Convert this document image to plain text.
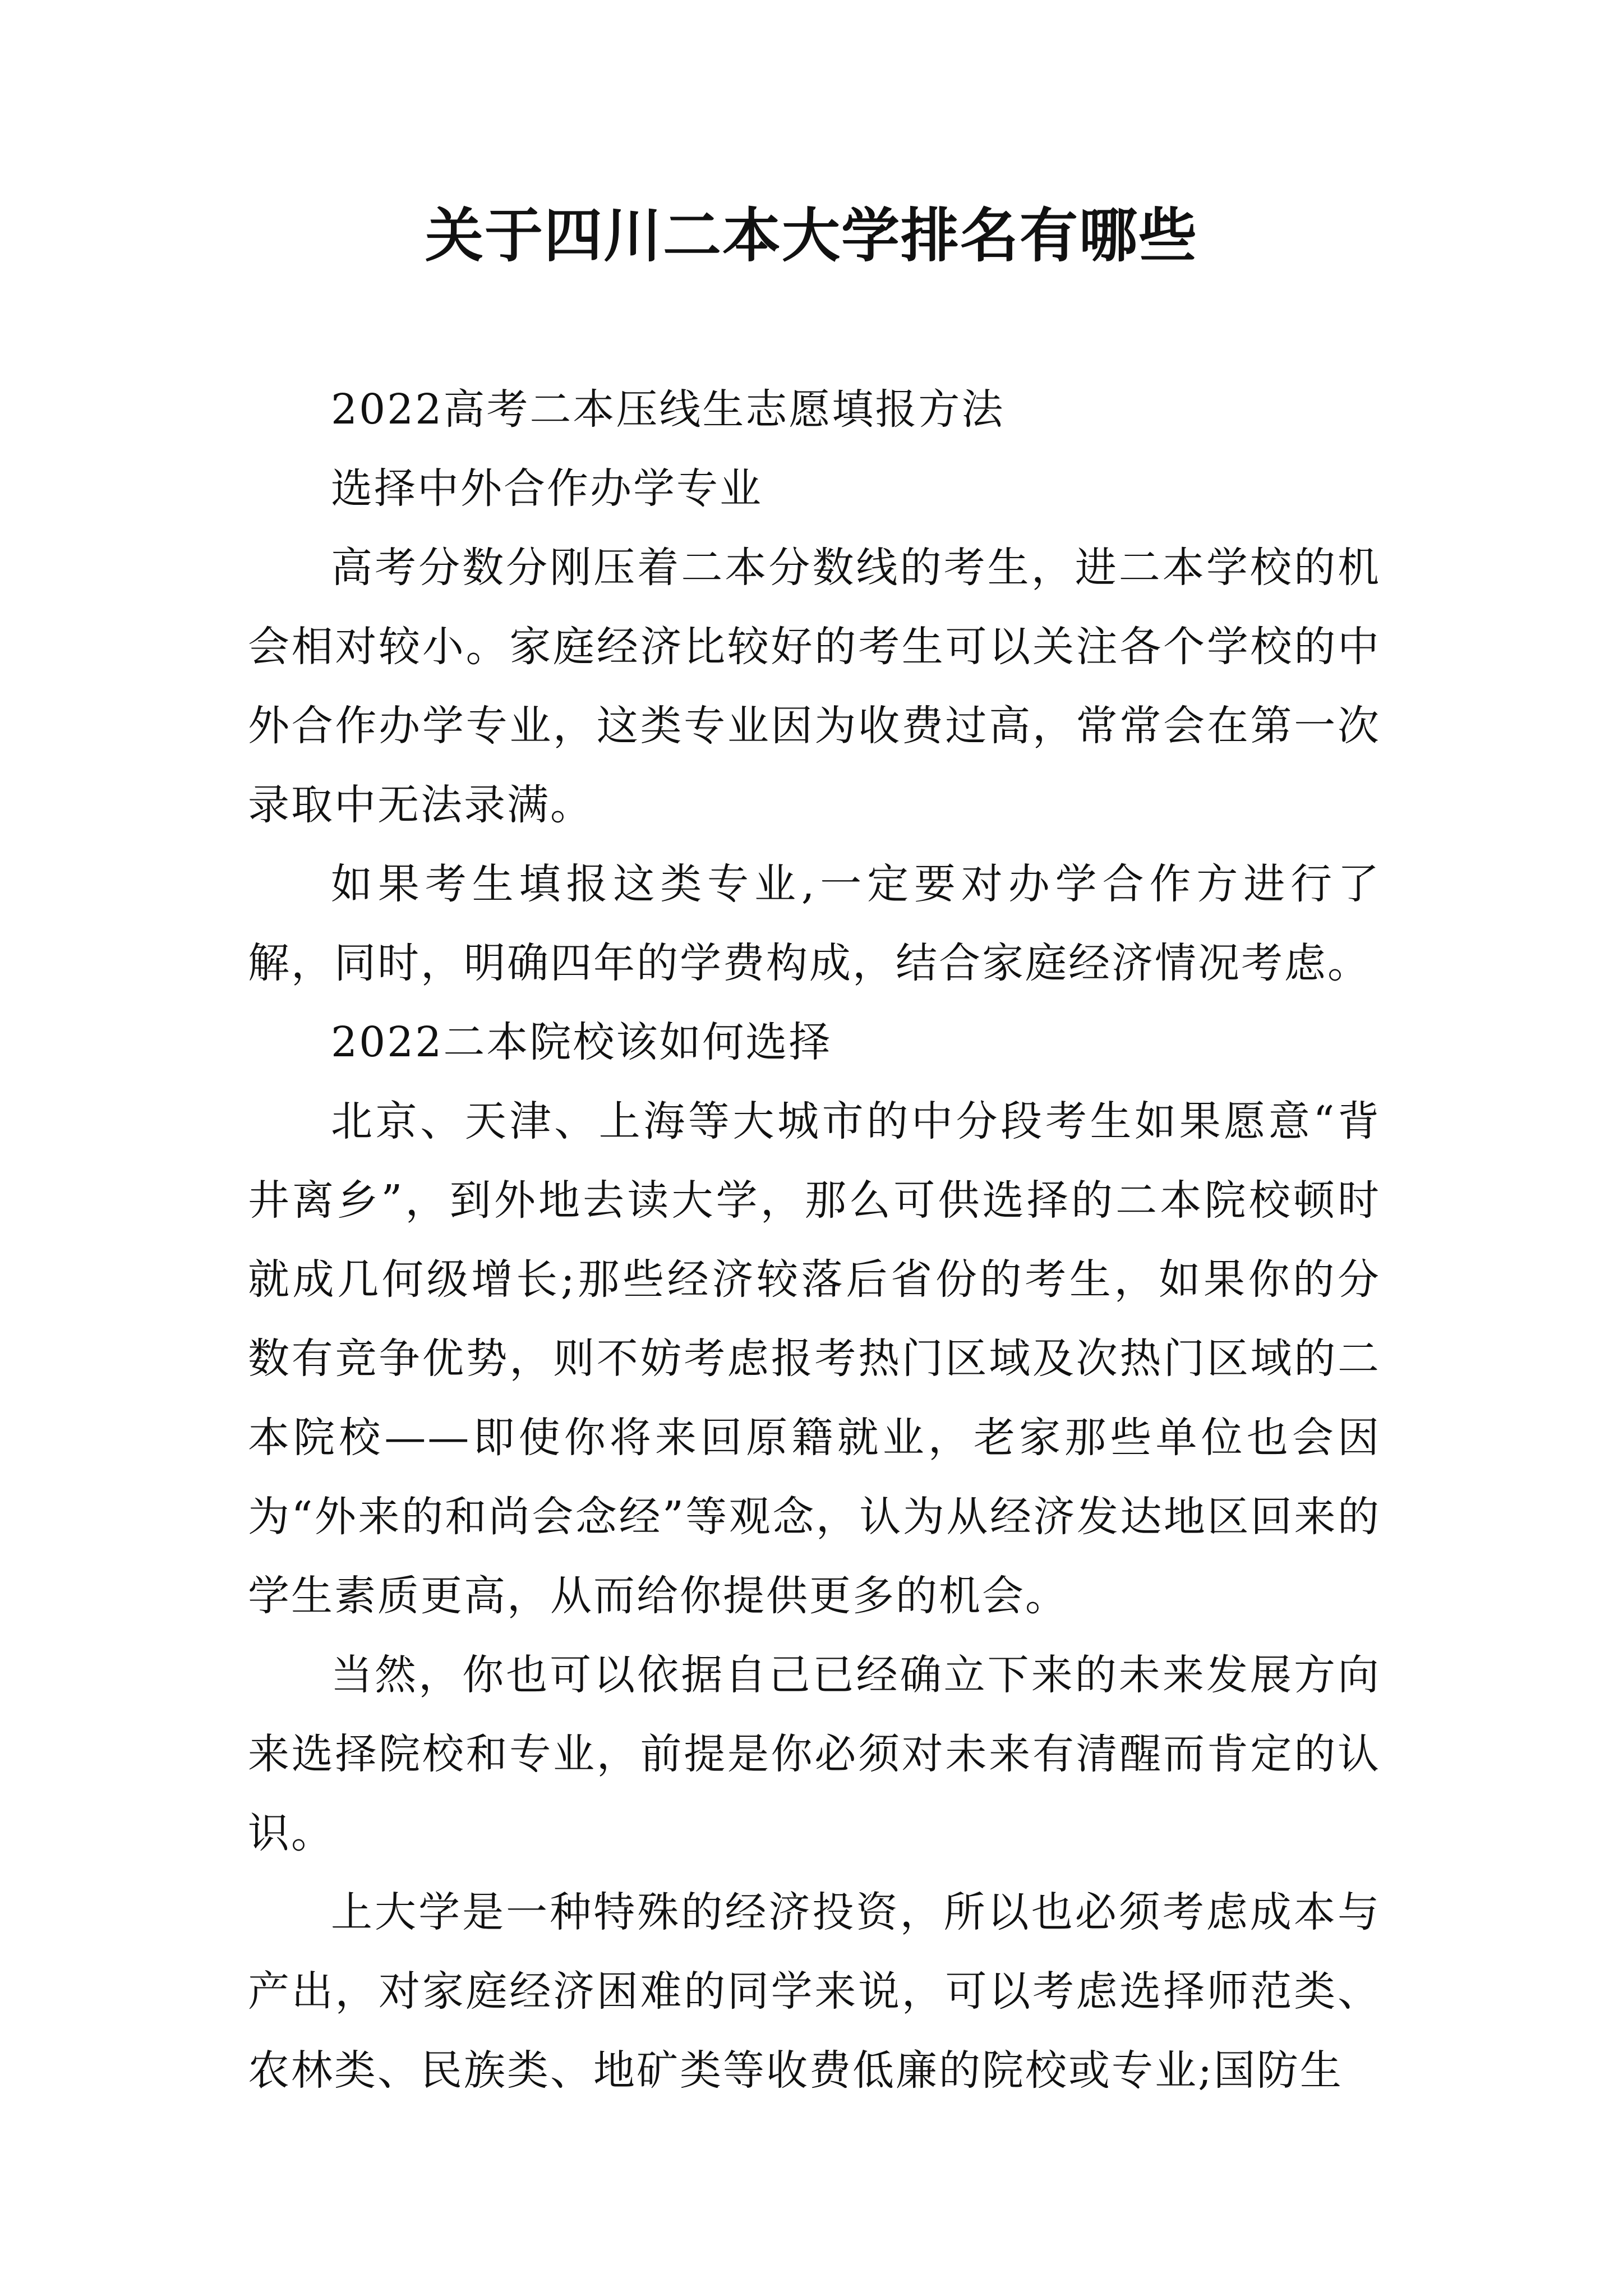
关于四川二本大学排名有哪些

2022高考二本压线生志愿填报方法

选择中外合作办学专业

高考分数分刚压着二本分数线的考生，进二本学校的机会相对较小。家庭经济比较好的考生可以关注各个学校的中外合作办学专业，这类专业因为收费过高，常常会在第一次录取中无法录满。

如果考生填报这类专业,一定要对办学合作方进行了解，同时，明确四年的学费构成，结合家庭经济情况考虑。

2022二本院校该如何选择

北京、天津、上海等大城市的中分段考生如果愿意“背井离乡”，到外地去读大学，那么可供选择的二本院校顿时就成几何级增长;那些经济较落后省份的考生，如果你的分数有竞争优势，则不妨考虑报考热门区域及次热门区域的二本院校——即使你将来回原籍就业，老家那些单位也会因为“外来的和尚会念经”等观念，认为从经济发达地区回来的学生素质更高，从而给你提供更多的机会。

当然，你也可以依据自己已经确立下来的未来发展方向来选择院校和专业，前提是你必须对未来有清醒而肯定的认识。

上大学是一种特殊的经济投资，所以也必须考虑成本与产出，对家庭经济困难的同学来说，可以考虑选择师范类、农林类、民族类、地矿类等收费低廉的院校或专业;国防生
